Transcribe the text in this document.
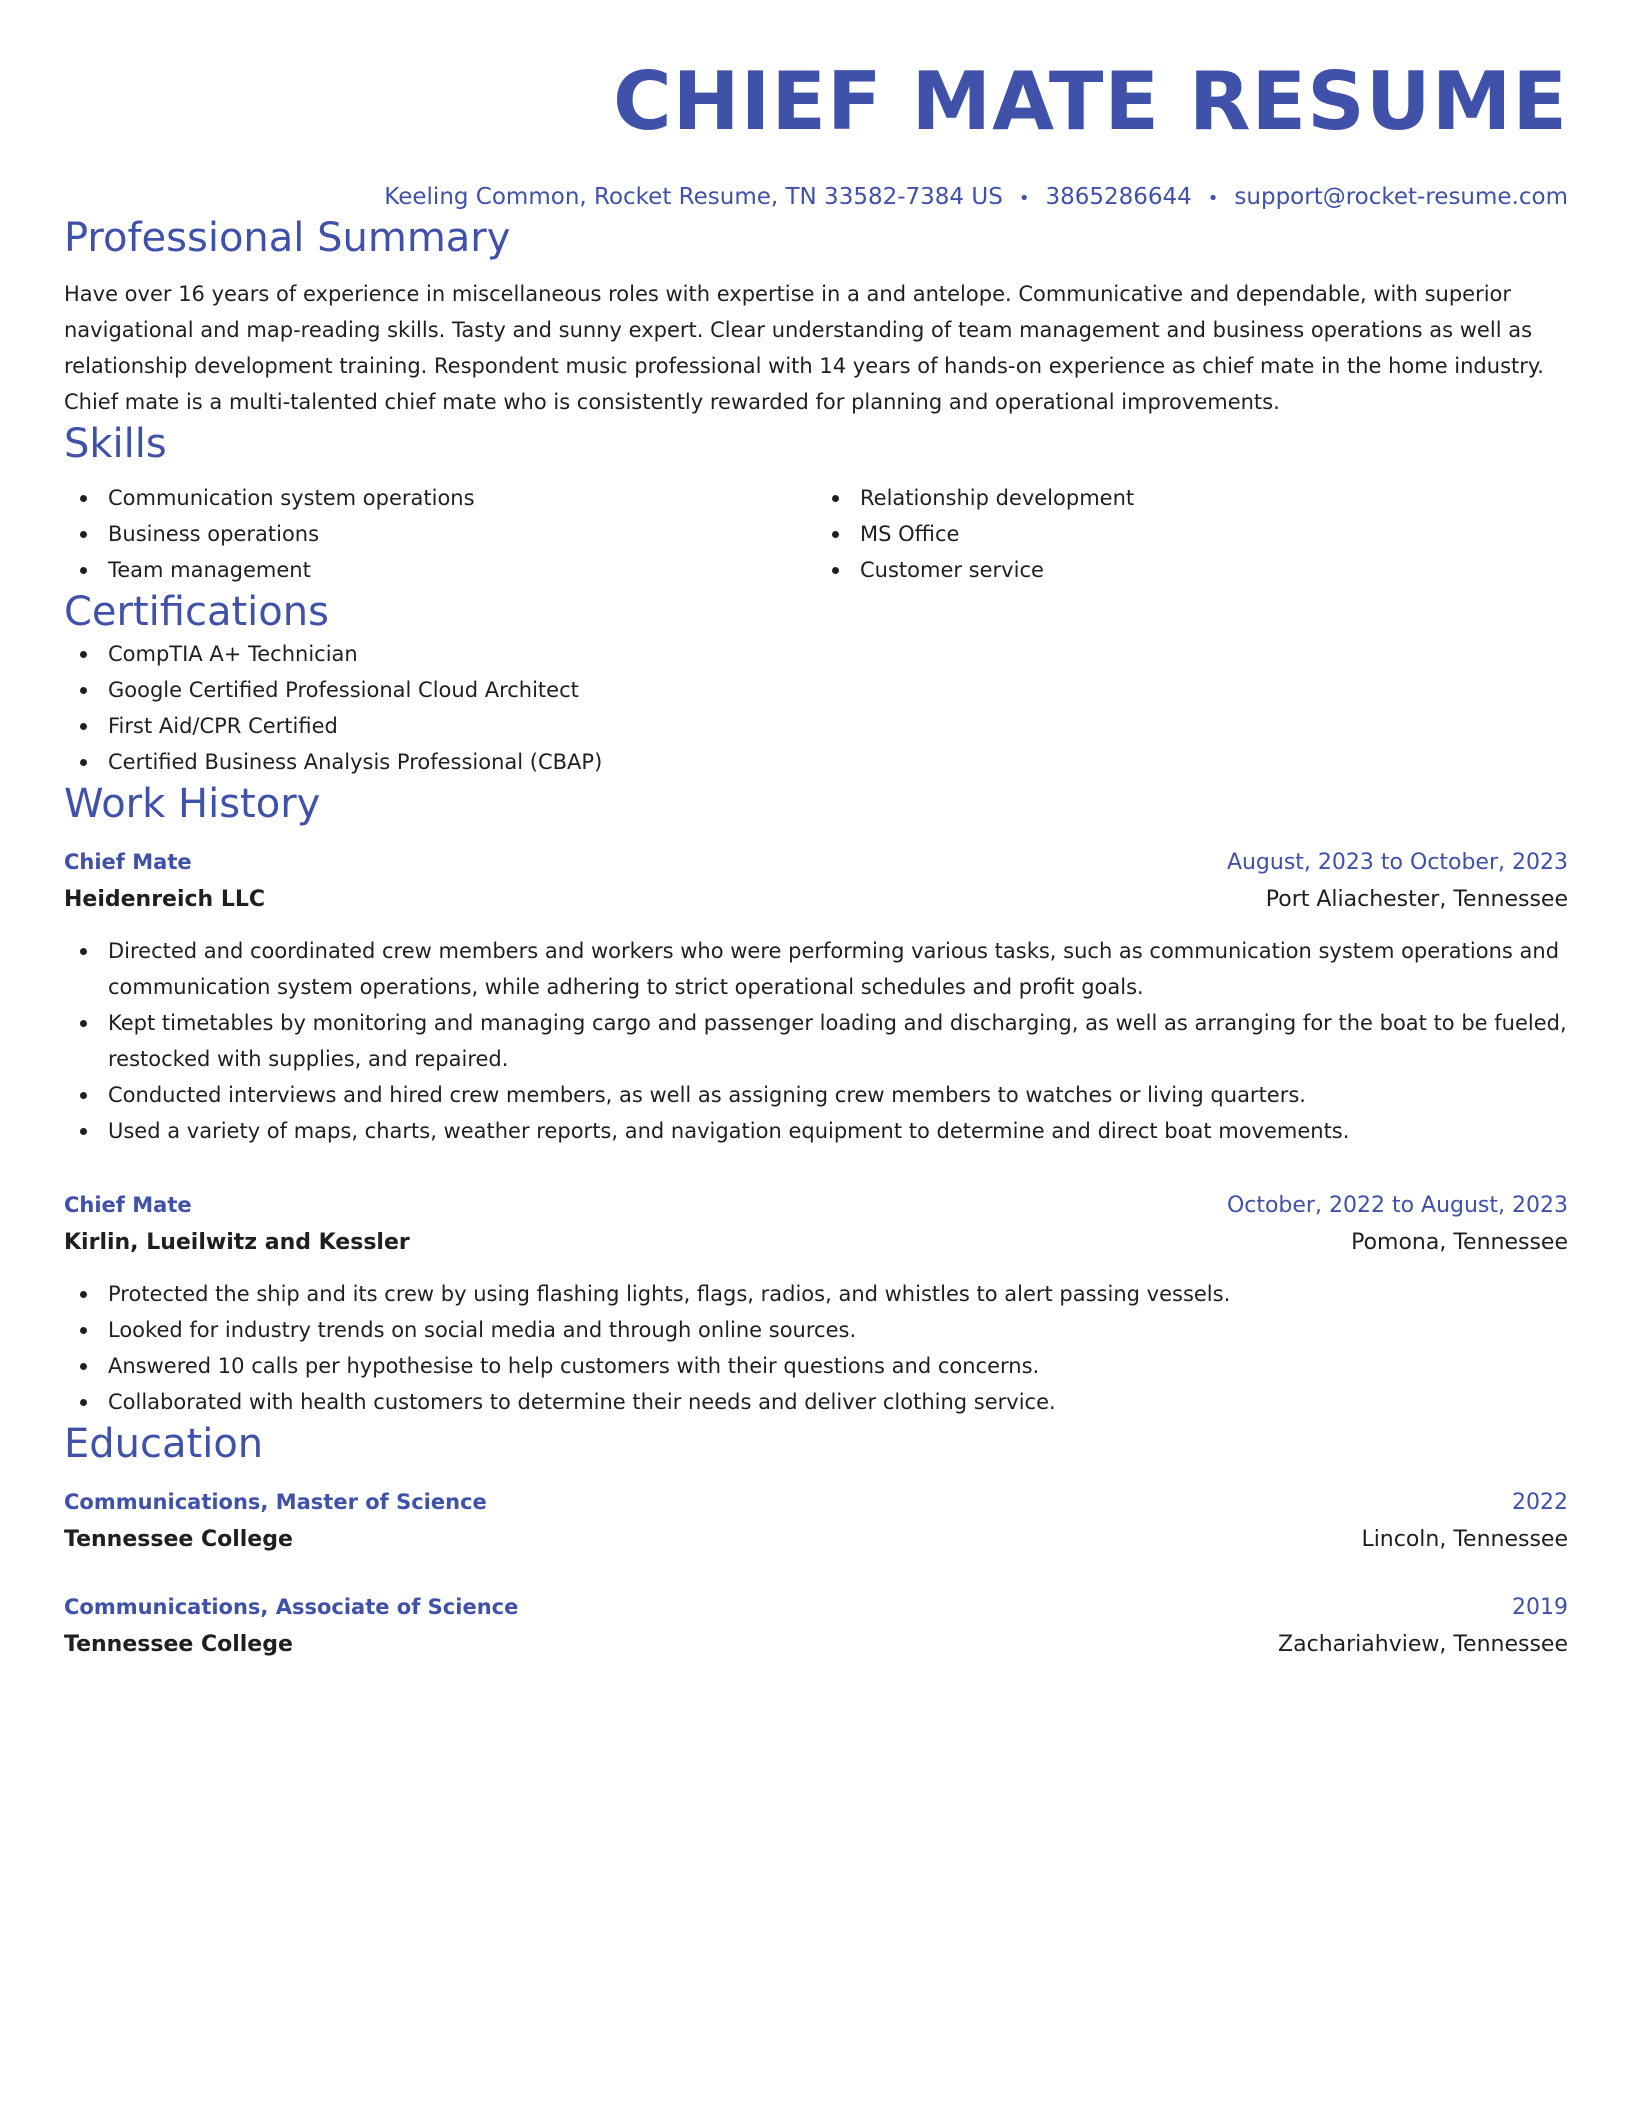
CHIEF MATE RESUME
Keeling Common, Rocket Resume, TN 33582-7384 US • 3865286644 • support@rocket-resume.com
Professional Summary

Have over 16 years of experience in miscellaneous roles with expertise in a and antelope. Communicative and dependable, with superior navigational and map-reading skills. Tasty and sunny expert. Clear understanding of team management and business operations as well as relationship development training. Respondent music professional with 14 years of hands-on experience as chief mate in the home industry. Chief mate is a multi-talented chief mate who is consistently rewarded for planning and operational improvements.

Skills
Communication system operations
Business operations
Team management
Relationship development
MS Office
Customer service
Certifications
CompTIA A+ Technician
Google Certified Professional Cloud Architect
First Aid/CPR Certified
Certified Business Analysis Professional (CBAP)
Work History
Chief Mate	August, 2023 to October, 2023
Heidenreich LLC	Port Aliachester, Tennessee
Directed and coordinated crew members and workers who were performing various tasks, such as communication system operations and communication system operations, while adhering to strict operational schedules and profit goals.
Kept timetables by monitoring and managing cargo and passenger loading and discharging, as well as arranging for the boat to be fueled, restocked with supplies, and repaired.
Conducted interviews and hired crew members, as well as assigning crew members to watches or living quarters.
Used a variety of maps, charts, weather reports, and navigation equipment to determine and direct boat movements.
Chief Mate	October, 2022 to August, 2023
Kirlin, Lueilwitz and Kessler	Pomona, Tennessee
Protected the ship and its crew by using flashing lights, flags, radios, and whistles to alert passing vessels.
Looked for industry trends on social media and through online sources.
Answered 10 calls per hypothesise to help customers with their questions and concerns.
Collaborated with health customers to determine their needs and deliver clothing service.
Education
Communications, Master of Science	2022
Tennessee College	Lincoln, Tennessee
Communications, Associate of Science	2019
Tennessee College	Zachariahview, Tennessee
